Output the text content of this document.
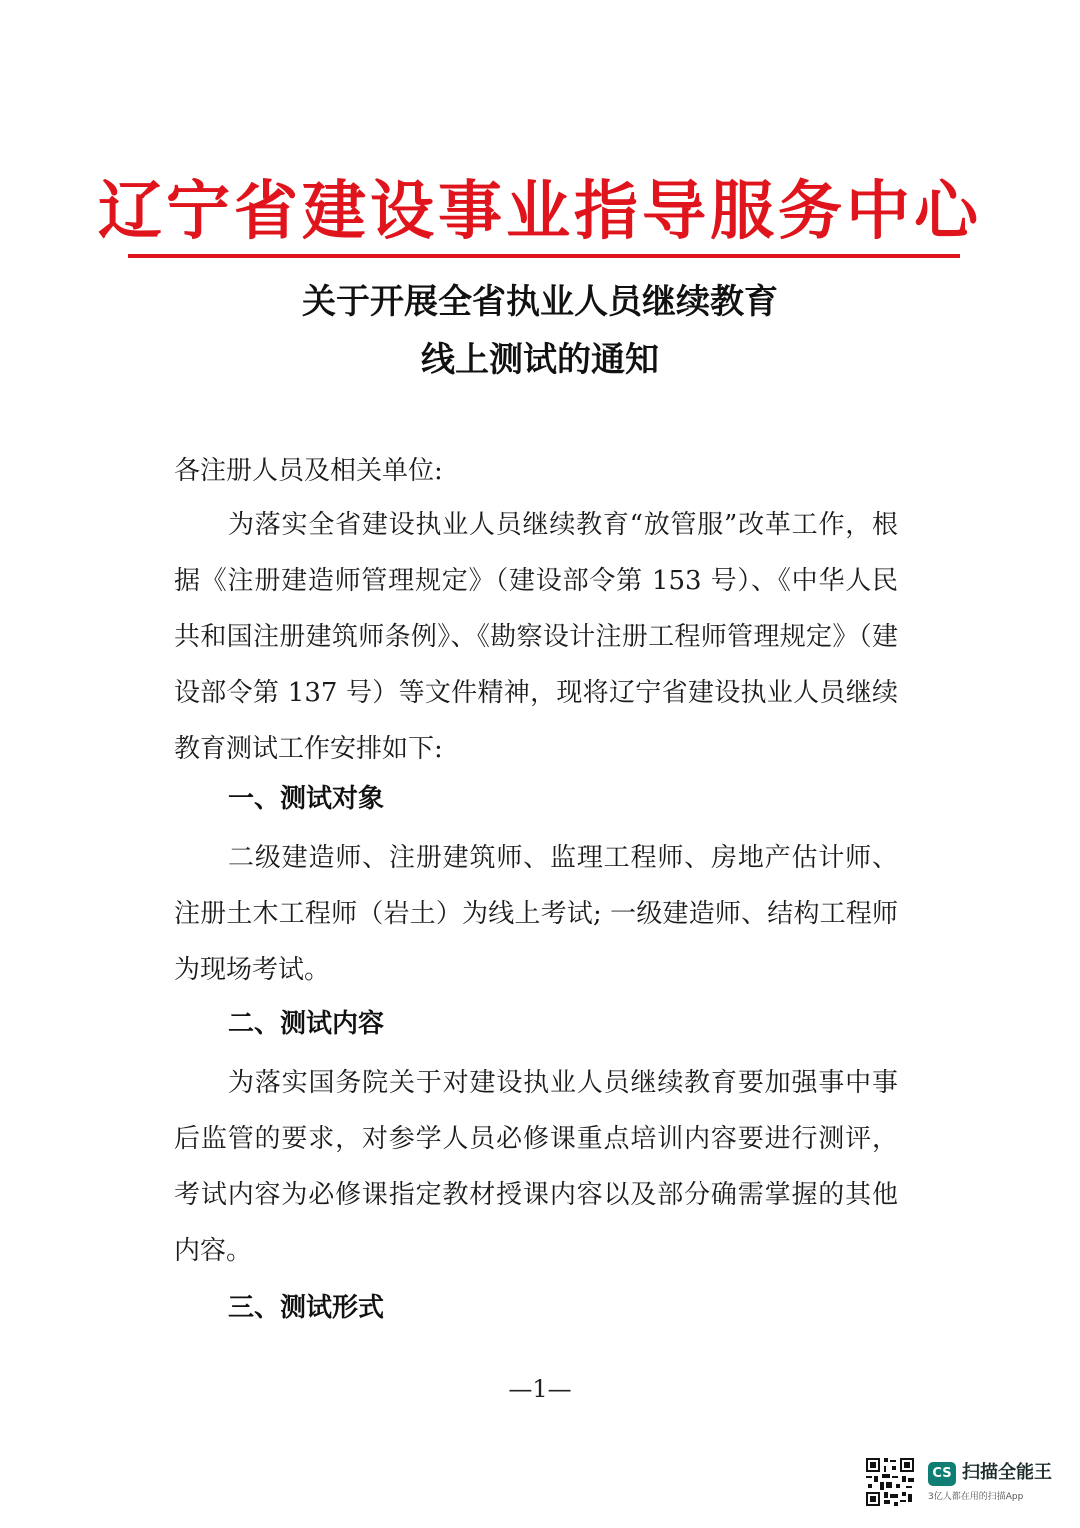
辽宁省建设事业指导服务中心
关于开展全省执业人员继续教育
线上测试的通知
各注册人员及相关单位:
为落实全省建设执业人员继续教育“放管服”改革工作，根据《注册建造师管理规定》（建设部令第 153 号）、《中华人民共和国注册建筑师条例》、《勘察设计注册工程师管理规定》（建设部令第 137 号）等文件精神，现将辽宁省建设执业人员继续教育测试工作安排如下:
一、测试对象
二级建造师、注册建筑师、监理工程师、房地产估计师、注册土木工程师（岩土）为线上考试; 一级建造师、结构工程师为现场考试。
二、测试内容
为落实国务院关于对建设执业人员继续教育要加强事中事后监管的要求，对参学人员必修课重点培训内容要进行测评，考试内容为必修课指定教材授课内容以及部分确需掌握的其他内容。
三、测试形式
—1—
CS 扫描全能王
3亿人都在用的扫描App
